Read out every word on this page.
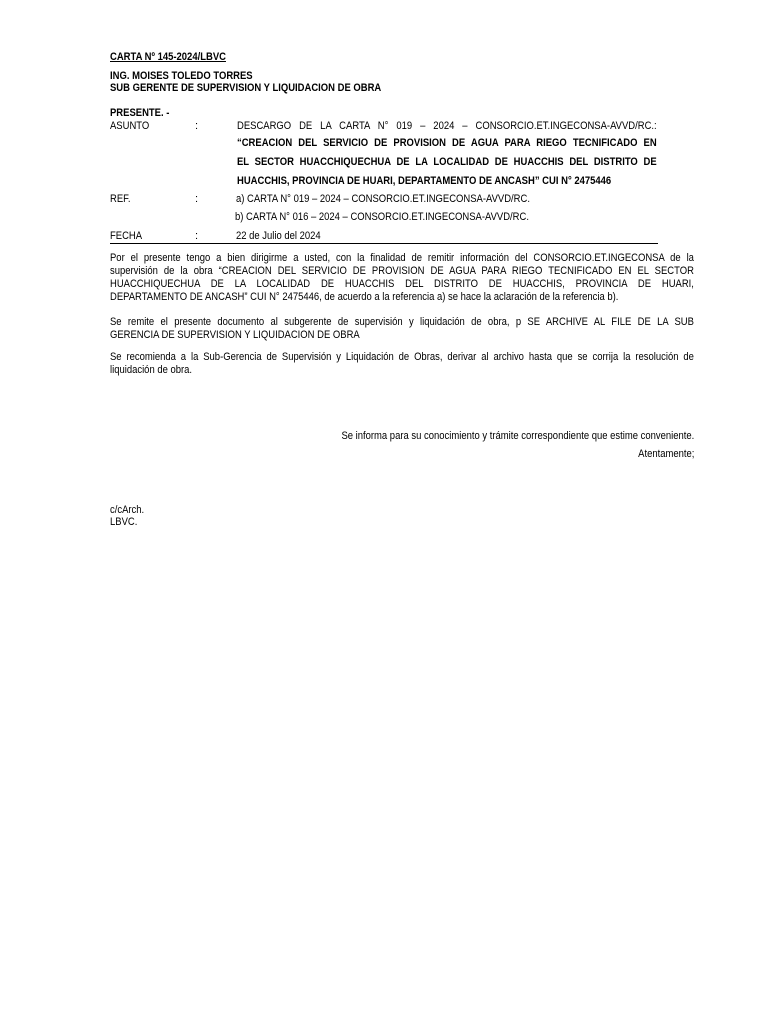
CARTA Nº 145-2024/LBVC
ING. MOISES TOLEDO TORRES
SUB GERENTE DE SUPERVISION Y LIQUIDACION DE OBRA
PRESENTE. -
ASUNTO	:	DESCARGO DE LA CARTA N° 019 – 2024 – CONSORCIO.ET.INGECONSA-AVVD/RC.:
“CREACION DEL SERVICIO DE PROVISION DE AGUA PARA RIEGO TECNIFICADO EN
EL SECTOR HUACCHIQUECHUA DE LA LOCALIDAD DE HUACCHIS DEL DISTRITO DE
HUACCHIS, PROVINCIA DE HUARI, DEPARTAMENTO DE ANCASH” CUI N° 2475446
REF.	:	a) CARTA N° 019 – 2024 – CONSORCIO.ET.INGECONSA-AVVD/RC.
b) CARTA N° 016 – 2024 – CONSORCIO.ET.INGECONSA-AVVD/RC.
FECHA	:	22 de Julio del 2024
Por el presente tengo a bien dirigirme a usted, con la finalidad de remitir información del CONSORCIO.ET.INGECONSA de la
supervisión de la obra “CREACION DEL SERVICIO DE PROVISION DE AGUA PARA RIEGO TECNIFICADO EN EL SECTOR
HUACCHIQUECHUA DE LA LOCALIDAD DE HUACCHIS DEL DISTRITO DE HUACCHIS, PROVINCIA DE HUARI,
DEPARTAMENTO DE ANCASH” CUI N° 2475446, de acuerdo a la referencia a) se hace la aclaración de la referencia b).
Se remite el presente documento al subgerente de supervisión y liquidación de obra, p SE ARCHIVE AL FILE DE LA SUB
GERENCIA DE SUPERVISION Y LIQUIDACION DE OBRA
Se recomienda a la Sub-Gerencia de Supervisión y Liquidación de Obras, derivar al archivo hasta que se corrija la resolución de
liquidación de obra.
Se informa para su conocimiento y trámite correspondiente que estime conveniente.
Atentamente;
c/cArch.
LBVC.
